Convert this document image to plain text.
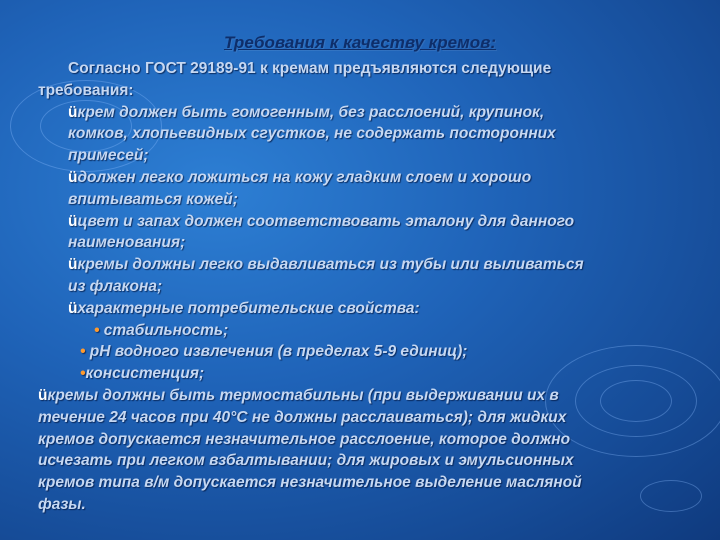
Требования к качеству кремов:
Согласно ГОСТ 29189-91 к кремам предъявляются следующие
требования:
üкрем должен быть гомогенным, без расслоений, крупинок,
комков, хлопьевидных сгустков, не содержать посторонних
примесей;
üдолжен легко ложиться на кожу гладким слоем и хорошо
впитываться кожей;
üцвет и запах должен соответствовать эталону для данного
наименования;
üкремы должны легко выдавливаться из тубы или выливаться
из флакона;
üхарактерные потребительские свойства:
• стабильность;
• pH водного извлечения (в пределах 5-9 единиц);
•консистенция;
üкремы должны быть термостабильны (при выдерживании их в
течение 24 часов при 40°С не должны расслаиваться); для жидких
кремов допускается незначительное расслоение, которое должно
исчезать при легком взбалтывании; для жировых и эмульсионных
кремов типа в/м допускается незначительное выделение масляной
фазы.
